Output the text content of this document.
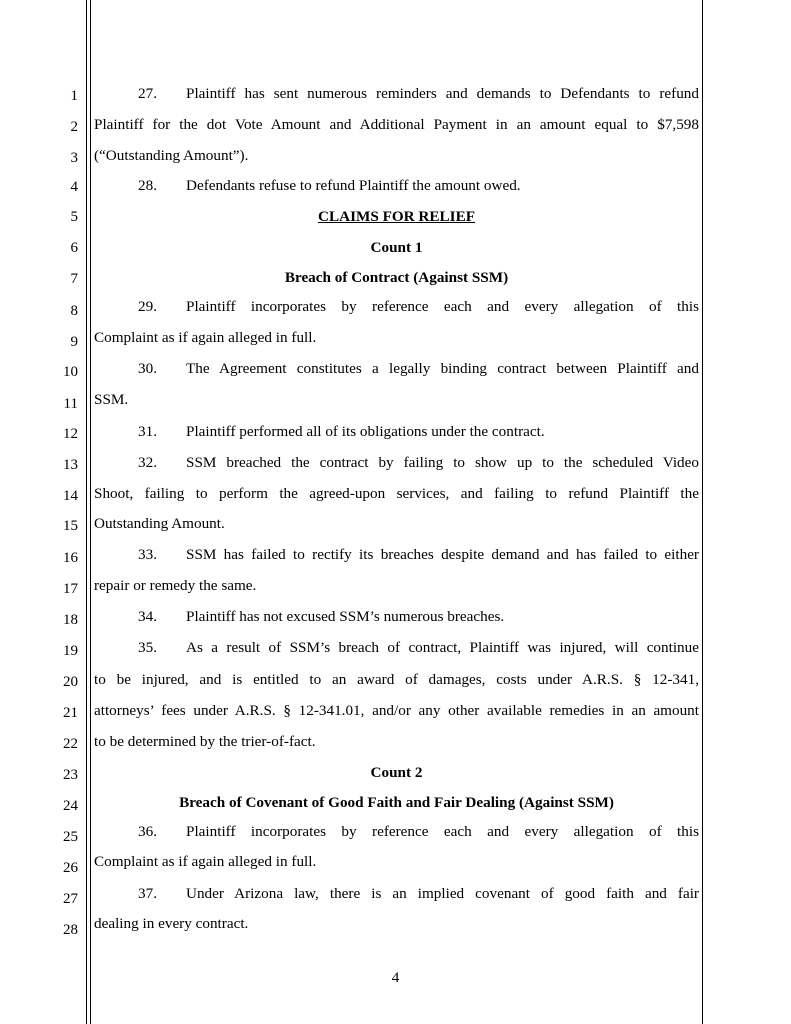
1
2
3
4
5
6
7
8
9
10
11
12
13
14
15
16
17
18
19
20
21
22
23
24
25
26
27
28
27. Plaintiff has sent numerous reminders and demands to Defendants to refund
Plaintiff for the dot Vote Amount and Additional Payment in an amount equal to $7,598
(“Outstanding Amount”).
28. Defendants refuse to refund Plaintiff the amount owed.
CLAIMS FOR RELIEF
Count 1
Breach of Contract (Against SSM)
29. Plaintiff incorporates by reference each and every allegation of this
Complaint as if again alleged in full.
30. The Agreement constitutes a legally binding contract between Plaintiff and
SSM.
31. Plaintiff performed all of its obligations under the contract.
32. SSM breached the contract by failing to show up to the scheduled Video
Shoot, failing to perform the agreed-upon services, and failing to refund Plaintiff the
Outstanding Amount.
33. SSM has failed to rectify its breaches despite demand and has failed to either
repair or remedy the same.
34. Plaintiff has not excused SSM’s numerous breaches.
35. As a result of SSM’s breach of contract, Plaintiff was injured, will continue
to be injured, and is entitled to an award of damages, costs under A.R.S. § 12-341,
attorneys’ fees under A.R.S. § 12-341.01, and/or any other available remedies in an amount
to be determined by the trier-of-fact.
Count 2
Breach of Covenant of Good Faith and Fair Dealing (Against SSM)
36. Plaintiff incorporates by reference each and every allegation of this
Complaint as if again alleged in full.
37. Under Arizona law, there is an implied covenant of good faith and fair
dealing in every contract.
4
